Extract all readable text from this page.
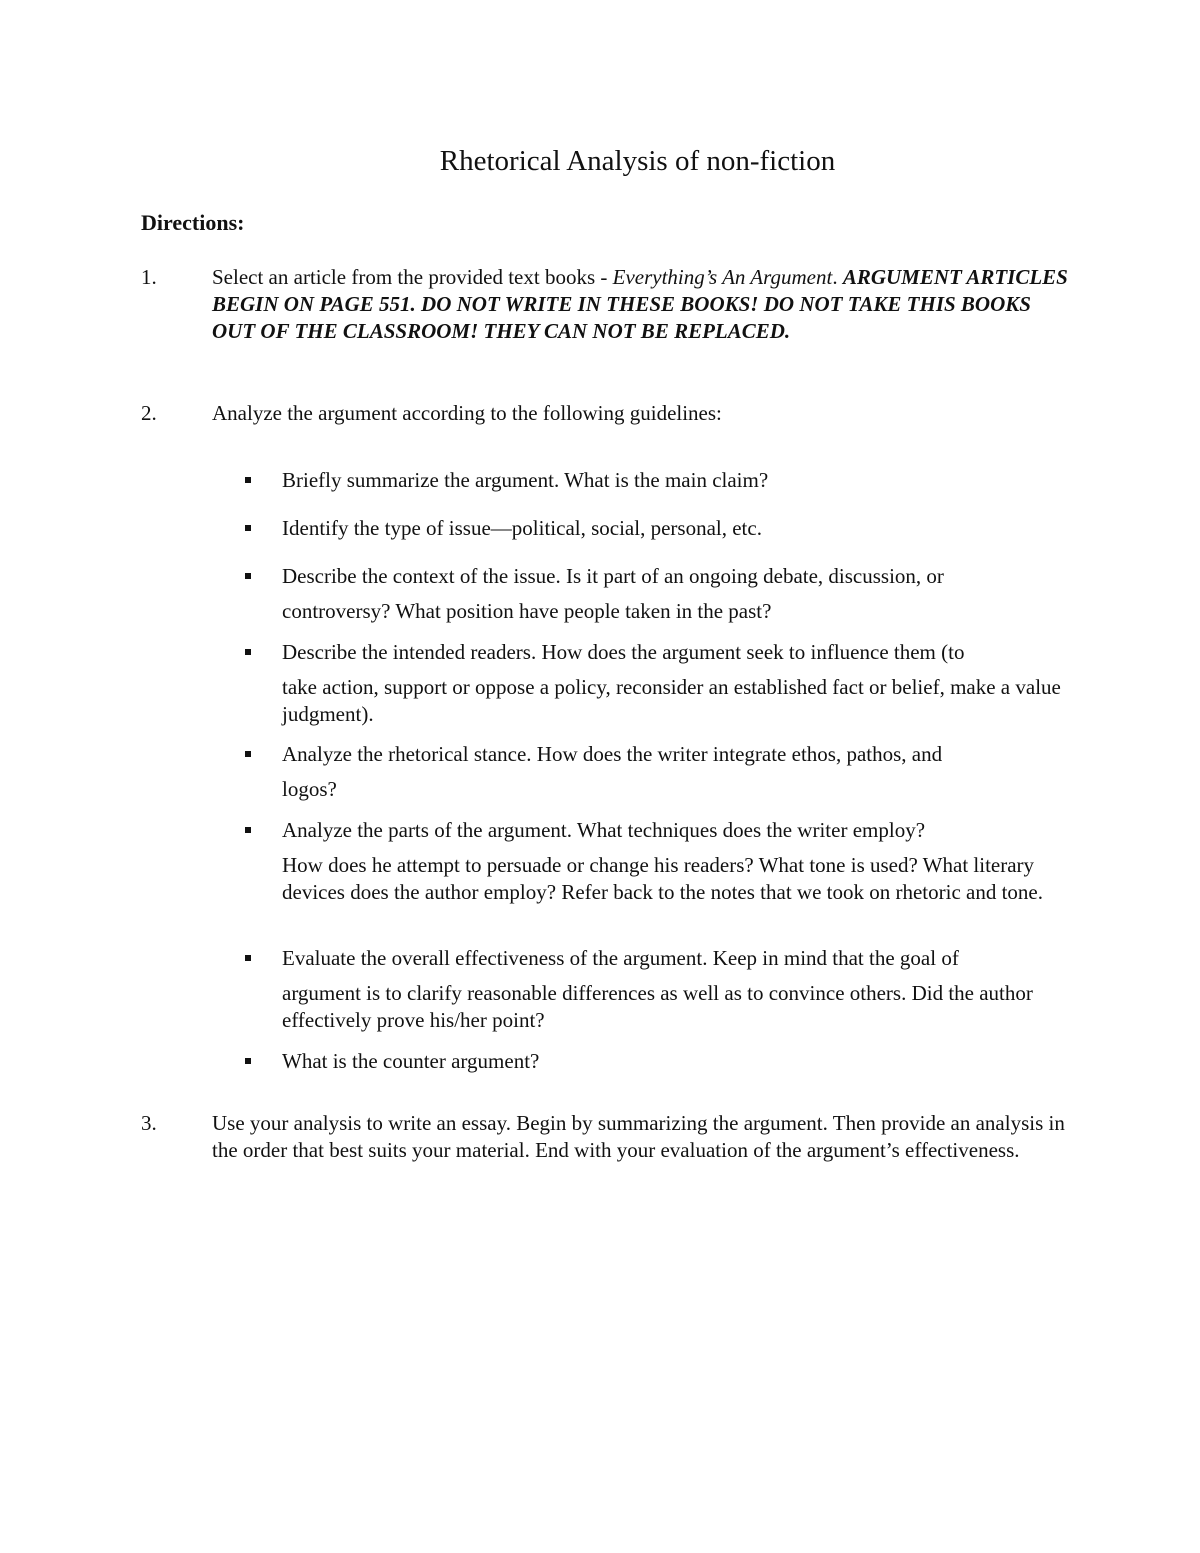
Rhetorical Analysis of non-fiction
Directions:
1.	Select an article from the provided text books - Everything’s An Argument. ARGUMENT ARTICLES BEGIN ON PAGE 551. DO NOT WRITE IN THESE BOOKS! DO NOT TAKE THIS BOOKS OUT OF THE CLASSROOM! THEY CAN NOT BE REPLACED.
2.	Analyze the argument according to the following guidelines:
Briefly summarize the argument. What is the main claim?
Identify the type of issue—political, social, personal, etc.
Describe the context of the issue. Is it part of an ongoing debate, discussion, or
controversy? What position have people taken in the past?
Describe the intended readers. How does the argument seek to influence them (to
take action, support or oppose a policy, reconsider an established fact or belief, make a value judgment).
Analyze the rhetorical stance. How does the writer integrate ethos, pathos, and
logos?
Analyze the parts of the argument. What techniques does the writer employ?
How does he attempt to persuade or change his readers? What tone is used? What literary devices does the author employ? Refer back to the notes that we took on rhetoric and tone.
Evaluate the overall effectiveness of the argument. Keep in mind that the goal of
argument is to clarify reasonable differences as well as to convince others. Did the author effectively prove his/her point?
What is the counter argument?
3.	Use your analysis to write an essay. Begin by summarizing the argument. Then provide an analysis in the order that best suits your material. End with your evaluation of the argument’s effectiveness.
